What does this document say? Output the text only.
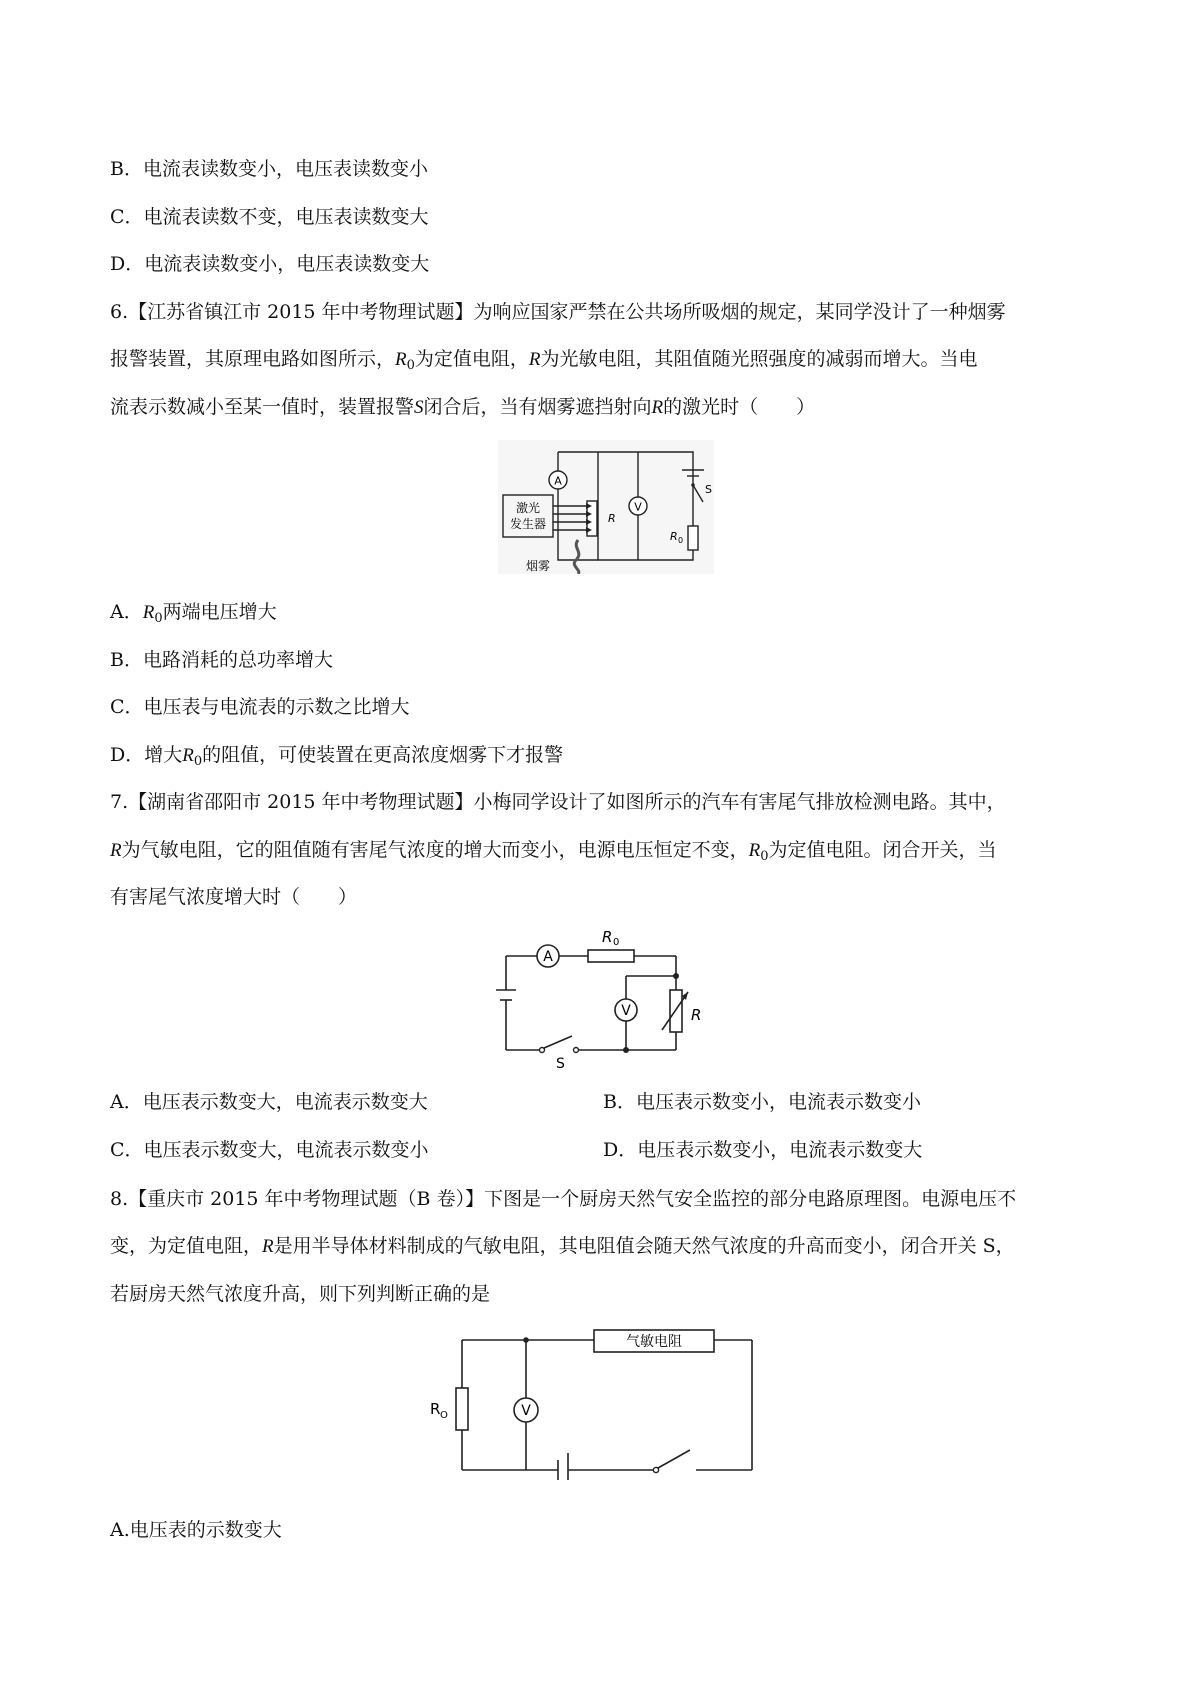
B．电流表读数变小，电压表读数变小
C．电流表读数不变，电压表读数变大
D．电流表读数变小，电压表读数变大
6.【江苏省镇江市 2015 年中考物理试题】为响应国家严禁在公共场所吸烟的规定，某同学没计了一种烟雾
报警装置，其原理电路如图所示，$R_0$为定值电阻，R为光敏电阻，其阻值随光照强度的减弱而增大。当电
流表示数减小至某一值时，装置报警S闭合后，当有烟雾遮挡射向R的激光时（　　）
A
V
激光
发生器	R
R 0
S
烟雾
A．$R_0$两端电压增大
B．电路消耗的总功率增大
C．电压表与电流表的示数之比增大
D．增大$R_0$的阻值，可使装置在更高浓度烟雾下才报警
7.【湖南省邵阳市 2015 年中考物理试题】小梅同学设计了如图所示的汽车有害尾气排放检测电路。其中，
R为气敏电阻，它的阻值随有害尾气浓度的增大而变小，电源电压恒定不变，$R_0$为定值电阻。闭合开关，当
有害尾气浓度增大时（　　）
A
V
R 0
R
S
A．电压表示数变大，电流表示数变大	B．电压表示数变小，电流表示数变小
C．电压表示数变大，电流表示数变小	D．电压表示数变小，电流表示数变大
8.【重庆市 2015 年中考物理试题（B 卷）】下图是一个厨房天然气安全监控的部分电路原理图。电源电压不
变，为定值电阻，R是用半导体材料制成的气敏电阻，其电阻值会随天然气浓度的升高而变小，闭合开关 S，
若厨房天然气浓度升高，则下列判断正确的是
V
气敏电阻
R O
A.电压表的示数变大
